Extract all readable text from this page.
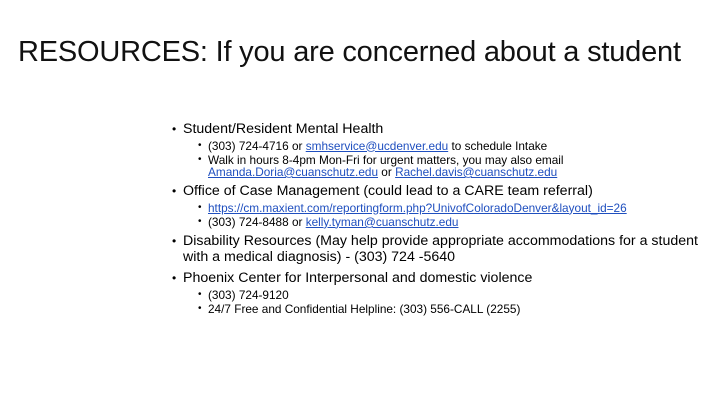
RESOURCES: If you are concerned about a student
• Student/Resident Mental Health
• (303) 724-4716 or smhservice@ucdenver.edu to schedule Intake
• Walk in hours 8-4pm Mon-Fri for urgent matters, you may also email Amanda.Doria@cuanschutz.edu or Rachel.davis@cuanschutz.edu
• Office of Case Management (could lead to a CARE team referral)
• https://cm.maxient.com/reportingform.php?UnivofColoradoDenver&layout_id=26
• (303) 724-8488 or kelly.tyman@cuanschutz.edu
• Disability Resources (May help provide appropriate accommodations for a student with a medical diagnosis) - (303) 724 -5640
• Phoenix Center for Interpersonal and domestic violence
• (303) 724-9120
• 24/7 Free and Confidential Helpline: (303) 556-CALL (2255)
